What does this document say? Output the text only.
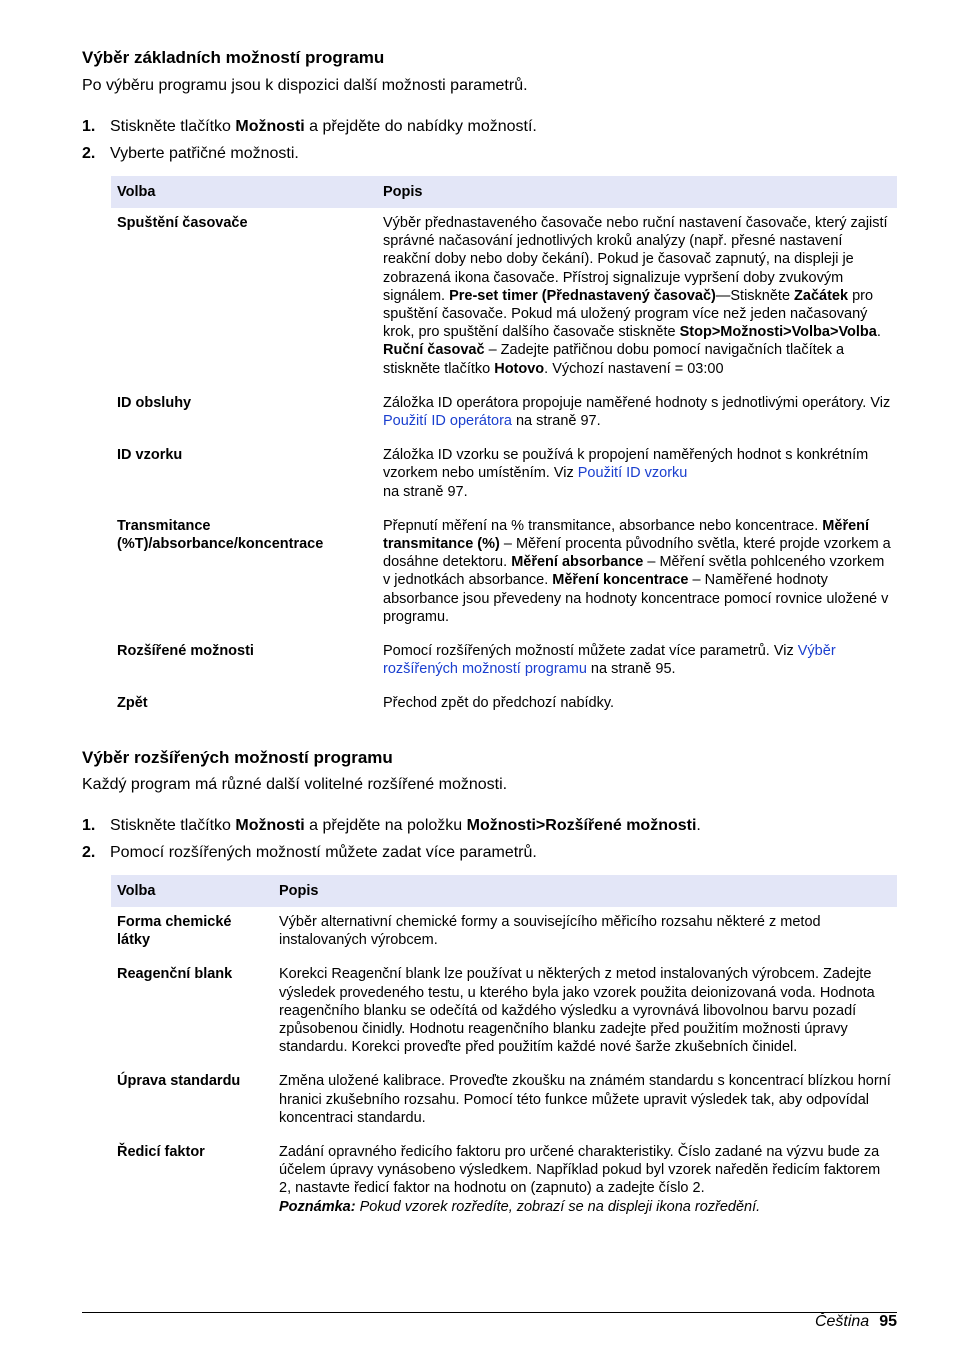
Výběr základních možností programu

Po výběru programu jsou k dispozici další možnosti parametrů.

1. Stiskněte tlačítko Možnosti a přejděte do nabídky možností.

2. Vyberte patřičné možnosti.

Volba	Popis
Spuštění časovače	Výběr přednastaveného časovače nebo ruční nastavení časovače, který zajistí správné načasování jednotlivých kroků analýzy (např. přesné nastavení reakční doby nebo doby čekání). Pokud je časovač zapnutý, na displeji je zobrazená ikona časovače. Přístroj signalizuje vypršení doby zvukovým signálem. Pre-set timer (Přednastavený časovač)—Stiskněte Začátek pro spuštění časovače. Pokud má uložený program více než jeden načasovaný krok, pro spuštění dalšího časovače stiskněte Stop>Možnosti>Volba>Volba. Ruční časovač – Zadejte patřičnou dobu pomocí navigačních tlačítek a stiskněte tlačítko Hotovo. Výchozí nastavení = 03:00
ID obsluhy	Záložka ID operátora propojuje naměřené hodnoty s jednotlivými operátory. Viz Použití ID operátora na straně 97.
ID vzorku	Záložka ID vzorku se používá k propojení naměřených hodnot s konkrétním vzorkem nebo umístěním. Viz Použití ID vzorku
na straně 97.
Transmitance
(%T)/absorbance/koncentrace	Přepnutí měření na % transmitance, absorbance nebo koncentrace. Měření transmitance (%) – Měření procenta původního světla, které projde vzorkem a dosáhne detektoru. Měření absorbance – Měření světla pohlceného vzorkem v jednotkách absorbance. Měření koncentrace – Naměřené hodnoty absorbance jsou převedeny na hodnoty koncentrace pomocí rovnice uložené v programu.
Rozšířené možnosti	Pomocí rozšířených možností můžete zadat více parametrů. Viz Výběr rozšířených možností programu na straně 95.
Zpět	Přechod zpět do předchozí nabídky.
Výběr rozšířených možností programu

Každý program má různé další volitelné rozšířené možnosti.

1. Stiskněte tlačítko Možnosti a přejděte na položku Možnosti>Rozšířené možnosti.

2. Pomocí rozšířených možností můžete zadat více parametrů.

Volba	Popis
Forma chemické látky	Výběr alternativní chemické formy a souvisejícího měřicího rozsahu některé z metod instalovaných výrobcem.
Reagenční blank	Korekci Reagenční blank lze používat u některých z metod instalovaných výrobcem. Zadejte výsledek provedeného testu, u kterého byla jako vzorek použita deionizovaná voda. Hodnota reagenčního blanku se odečítá od každého výsledku a vyrovnává libovolnou barvu pozadí způsobenou činidly. Hodnotu reagenčního blanku zadejte před použitím možnosti úpravy standardu. Korekci proveďte před použitím každé nové šarže zkušebních činidel.
Úprava standardu	Změna uložené kalibrace. Proveďte zkoušku na známém standardu s koncentrací blízkou horní hranici zkušebního rozsahu. Pomocí této funkce můžete upravit výsledek tak, aby odpovídal koncentraci standardu.
Ředicí faktor	Zadání opravného ředicího faktoru pro určené charakteristiky. Číslo zadané na výzvu bude za účelem úpravy vynásobeno výsledkem. Například pokud byl vzorek naředěn ředicím faktorem 2, nastavte ředicí faktor na hodnotu on (zapnuto) a zadejte číslo 2.
Poznámka: Pokud vzorek rozředíte, zobrazí se na displeji ikona rozředění.
Čeština 95
